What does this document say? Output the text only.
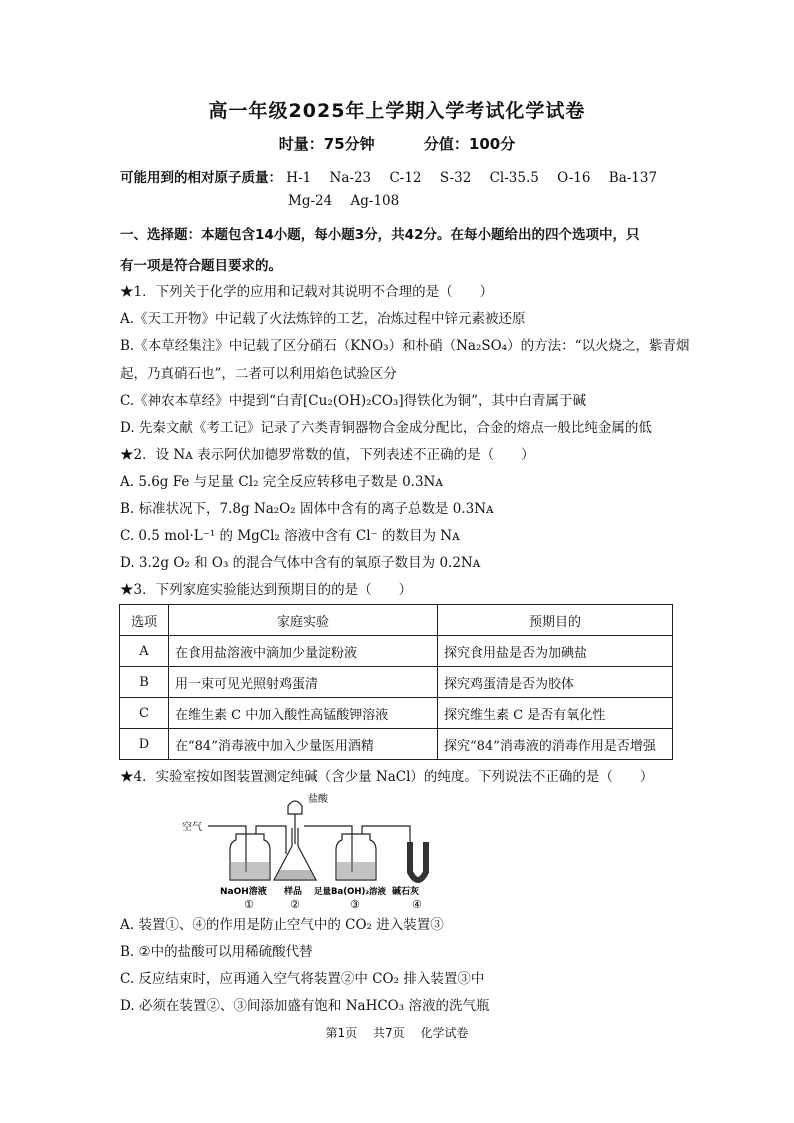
高一年级2025年上学期入学考试化学试卷
时量：75分钟	分值：100分
可能用到的相对原子质量： H-1 Na-23 C-12 S-32 Cl-35.5 O-16 Ba-137
Mg-24 Ag-108
一、选择题：本题包含14小题，每小题3分，共42分。在每小题给出的四个选项中，只
有一项是符合题目要求的。
★1．下列关于化学的应用和记载对其说明不合理的是（　　）
A.《天工开物》中记载了火法炼锌的工艺，冶炼过程中锌元素被还原
B.《本草经集注》中记载了区分硝石（KNO₃）和朴硝（Na₂SO₄）的方法：“以火烧之，紫青烟
起，乃真硝石也”，二者可以利用焰色试验区分
C.《神农本草经》中提到“白青[Cu₂(OH)₂CO₃]得铁化为铜”，其中白青属于碱
D. 先秦文献《考工记》记录了六类青铜器物合金成分配比，合金的熔点一般比纯金属的低
★2．设 Nᴀ 表示阿伏加德罗常数的值，下列表述不正确的是（　　）
A. 5.6g Fe 与足量 Cl₂ 完全反应转移电子数是 0.3Nᴀ
B. 标准状况下，7.8g Na₂O₂ 固体中含有的离子总数是 0.3Nᴀ
C. 0.5 mol·L⁻¹ 的 MgCl₂ 溶液中含有 Cl⁻ 的数目为 Nᴀ
D. 3.2g O₂ 和 O₃ 的混合气体中含有的氧原子数目为 0.2Nᴀ
★3．下列家庭实验能达到预期目的的是（　　）
选项	家庭实验	预期目的
A	在食用盐溶液中滴加少量淀粉液	探究食用盐是否为加碘盐
B	用一束可见光照射鸡蛋清	探究鸡蛋清是否为胶体
C	在维生素 C 中加入酸性高锰酸钾溶液	探究维生素 C 是否有氧化性
D	在“84”消毒液中加入少量医用酒精	探究“84”消毒液的消毒作用是否增强
★4．实验室按如图装置测定纯碱（含少量 NaCl）的纯度。下列说法不正确的是（　　）
空气
盐酸
NaOH溶液 样品 足量Ba(OH)₂溶液 碱石灰
①	②	③	④
A. 装置①、④的作用是防止空气中的 CO₂ 进入装置③
B. ②中的盐酸可以用稀硫酸代替
C. 反应结束时，应再通入空气将装置②中 CO₂ 排入装置③中
D. 必须在装置②、③间添加盛有饱和 NaHCO₃ 溶液的洗气瓶
第1页 共7页 化学试卷
